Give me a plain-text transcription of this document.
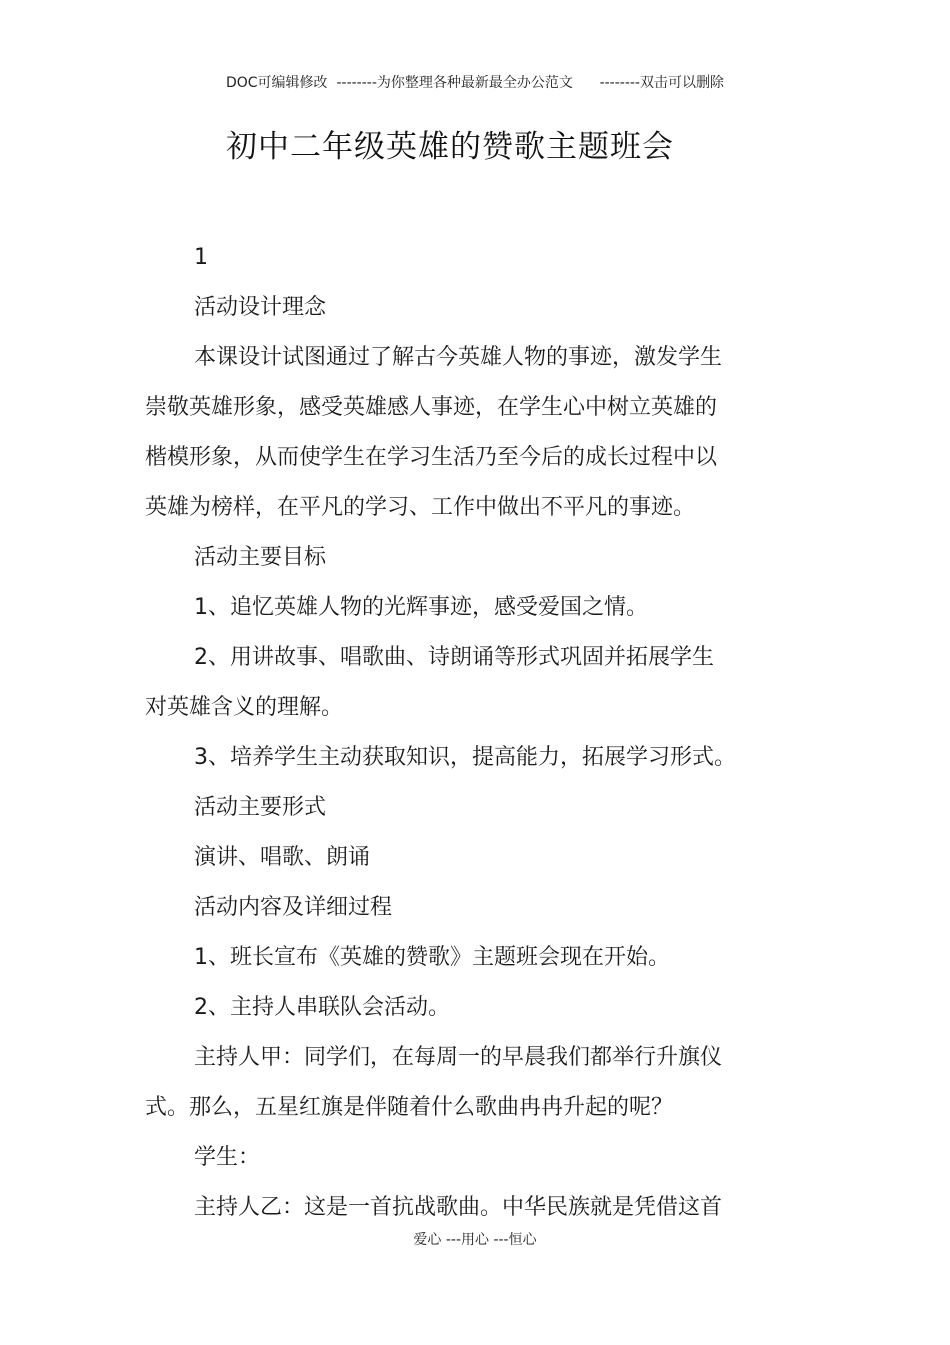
DOC可编辑修改  --------为你整理各种最新最全办公范文      --------双击可以删除
初中二年级英雄的赞歌主题班会
1
活动设计理念
本课设计试图通过了解古今英雄人物的事迹，激发学生
崇敬英雄形象，感受英雄感人事迹，在学生心中树立英雄的
楷模形象，从而使学生在学习生活乃至今后的成长过程中以
英雄为榜样，在平凡的学习、工作中做出不平凡的事迹。
活动主要目标
1、追忆英雄人物的光辉事迹，感受爱国之情。
2、用讲故事、唱歌曲、诗朗诵等形式巩固并拓展学生
对英雄含义的理解。
3、培养学生主动获取知识，提高能力，拓展学习形式。
活动主要形式
演讲、唱歌、朗诵
活动内容及详细过程
1、班长宣布《英雄的赞歌》主题班会现在开始。
2、主持人串联队会活动。
主持人甲：同学们，在每周一的早晨我们都举行升旗仪
式。那么，五星红旗是伴随着什么歌曲冉冉升起的呢？
学生：
主持人乙：这是一首抗战歌曲。中华民族就是凭借这首
爱心 ---用心 ---恒心
